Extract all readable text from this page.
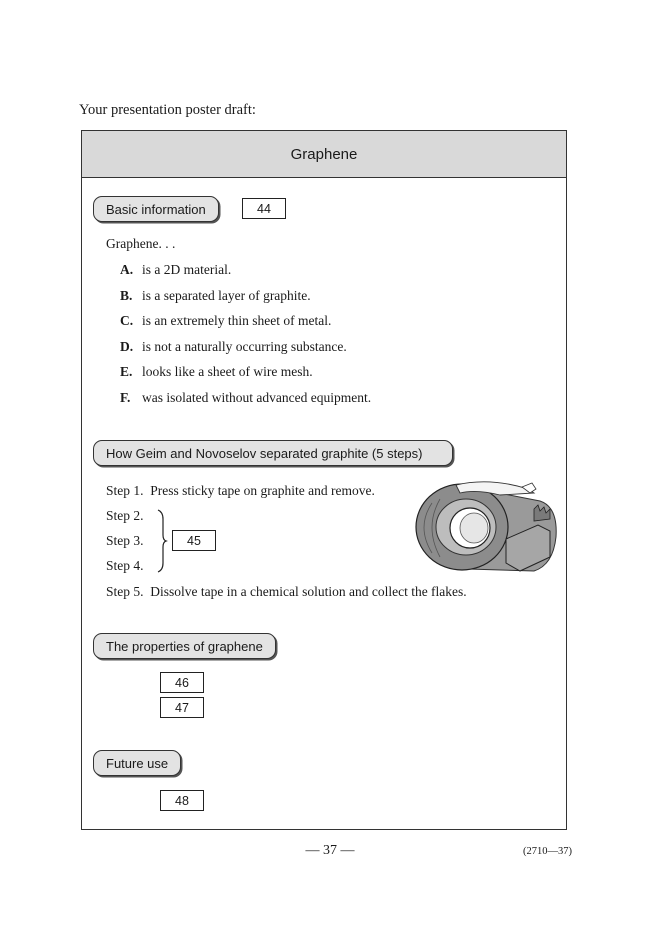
Your presentation poster draft:
Graphene
Basic information	44
Graphene. . .
A. is a 2D material.
B. is a separated layer of graphite.
C. is an extremely thin sheet of metal.
D. is not a naturally occurring substance.
E. looks like a sheet of wire mesh.
F. was isolated without advanced equipment.
How Geim and Novoselov separated graphite (5 steps)
Step 1. Press sticky tape on graphite and remove.
Step 2.
Step 3.
Step 4.
45
Step 5. Dissolve tape in a chemical solution and collect the flakes.
The properties of graphene
46
47
Future use
48
— 37 —	(2710—37)
